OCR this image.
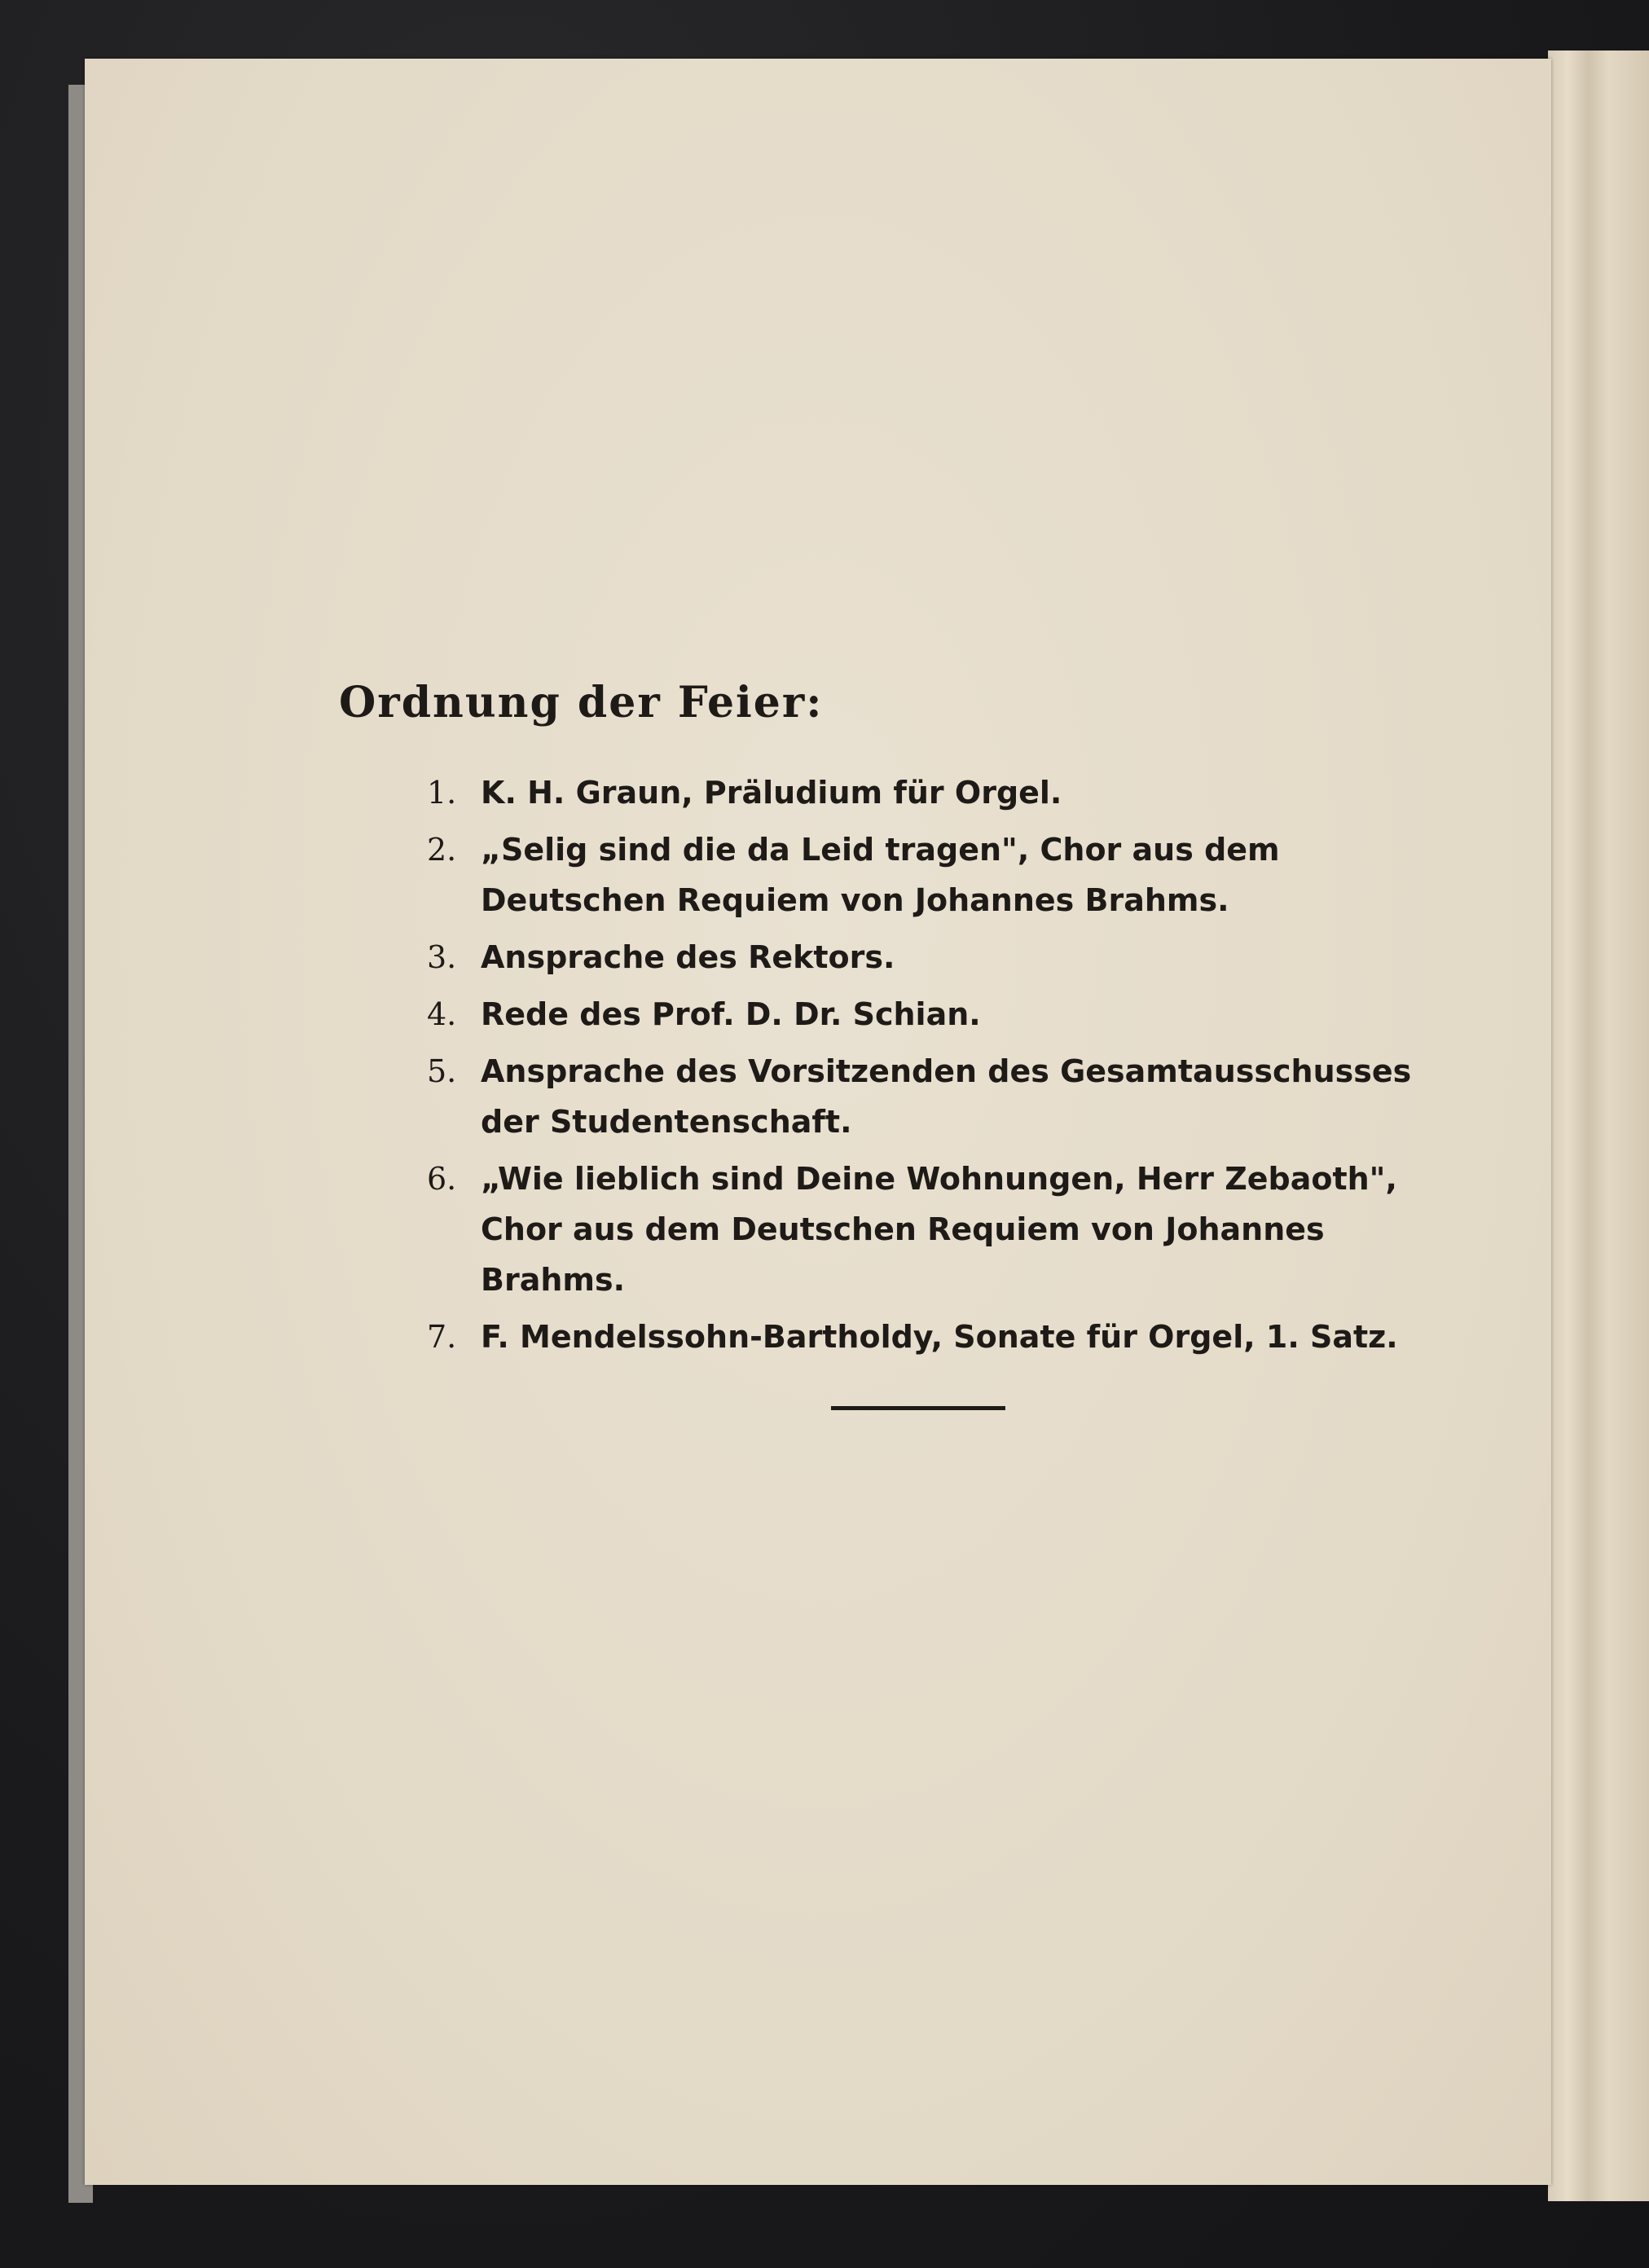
Ordnung der Feier:
1. K. H. Graun, Präludium für Orgel.
2. „Selig sind die da Leid tragen", Chor aus dem Deutschen Requiem von Johannes Brahms.
3. Ansprache des Rektors.
4. Rede des Prof. D. Dr. Schian.
5. Ansprache des Vorsitzenden des Gesamtausschusses der Studentenschaft.
6. „Wie lieblich sind Deine Wohnungen, Herr Zebaoth", Chor aus dem Deutschen Requiem von Johannes Brahms.
7. F. Mendelssohn-Bartholdy, Sonate für Orgel, 1. Satz.
